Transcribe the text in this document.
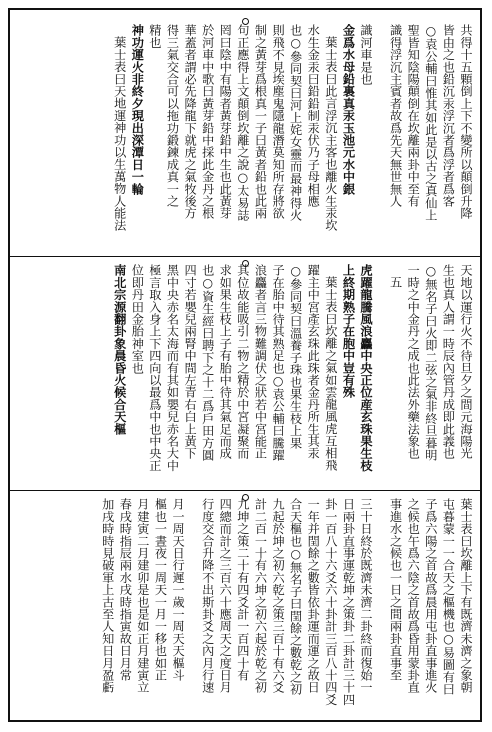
共得十五顆倒上下不變所以顛倒升降
皆由之也鉛沉汞浮沉者爲浮者爲客
○袁公輔曰惟其如此是以古之真仙上
聖皆知陰陽顛倒在坎離兩卦中至有
識得浮沉主賓者故爲先天無世無人
識河車是也
金爲水母鉛裏真汞玉池元水中銀
葉士表曰此言浮沉主客也離火生汞坎
水生金汞曰鉛鉛制汞伏乃子母相應
也○參同契曰河上姹女靈而最神得火
則飛不見埃塵鬼隱龍潛莫知所存將欲
制之黃芽爲根真一子曰黃者鉛也此兩
句正應得上文顛倒坎離之說○太易誌
罔曰陰中有陽者黃芽鉛中生也此黃芽
於河車中歌曰黃芽鉛中採此金丹之根
華蓋者謂必先降龍下就虎之氣牧後方
得三氣交合可以拖功鍛鍊成真一之
精也
神功運火非終夕現出深潭日一輪
葉士表曰天地運神功以生萬物人能法
天地以運行火不待旦夕之間元海陽光
生也真人謂一時辰內管丹成即此義也
○無名子曰火即二弦之氣非終旦暮明
一時之中金丹之成也此法外藥法象也
五
虎躍龍騰風浪麤中央正位産玄珠果生枝
上終期熟子在胞中豈有殊
葉士表曰坎離之氣如雲龍風虎互相飛
躍主中宮產玄珠此珠者金丹所生其汞
○參同契曰溫養子珠也果生枝上果
子在胎中待其熟足也○袁公輔曰騰躍
浪麤者言三物難調伏之狀若中宮能正
其位故能吸引二物之精於中宮凝聚而
求如果生枝上子有胎中待其氣足而成
也○資生經曰聘下之十二爲戶田方圓
四寸若嬰兒兩腎中間左青右白上黃下
黑中央赤名太海而有其如嬰兒赤名大中
極言取入身上下四向以最爲中也中央正
位即丹田金胎神室也
南北宗源翻卦象晨昏火候合天樞
葉士表曰坎離上下有既濟未濟之象朝
屯暮蒙一一合天之樞機也○易圖有曰
子爲六陽之首故爲晨用屯卦直事進火
之候也午爲六陰之首故爲昏用蒙卦直
事進水之候也一日之間兩卦直事至
三十日終於既濟未濟二卦終而復始一
日兩卦直事運乾坤之策卦二卦計三十四
卦一百八十六爻六十卦計三百八十四爻
一年并閏餘之數皆依卦運而運之故日
合天樞也○無名子曰閏餘之數乾之初
九起於坤之初六乾之策三百十有六爻
計二百一十有六坤之初六起於乾之初
九坤之策二十有四爻計一百四十有
四總而計之三百六十應周天之度日月
行度交合升降不出斯卦爻之內月行速
月一周天日行遲一歲一周天天樞斗
樞也一晝夜一周天一月一移也如正
月建寅二月建卯是也是如正月建寅立
春戌時指辰兩水戌時指寅故日月常
加戌時時見破軍上古至人知日月盈虧
